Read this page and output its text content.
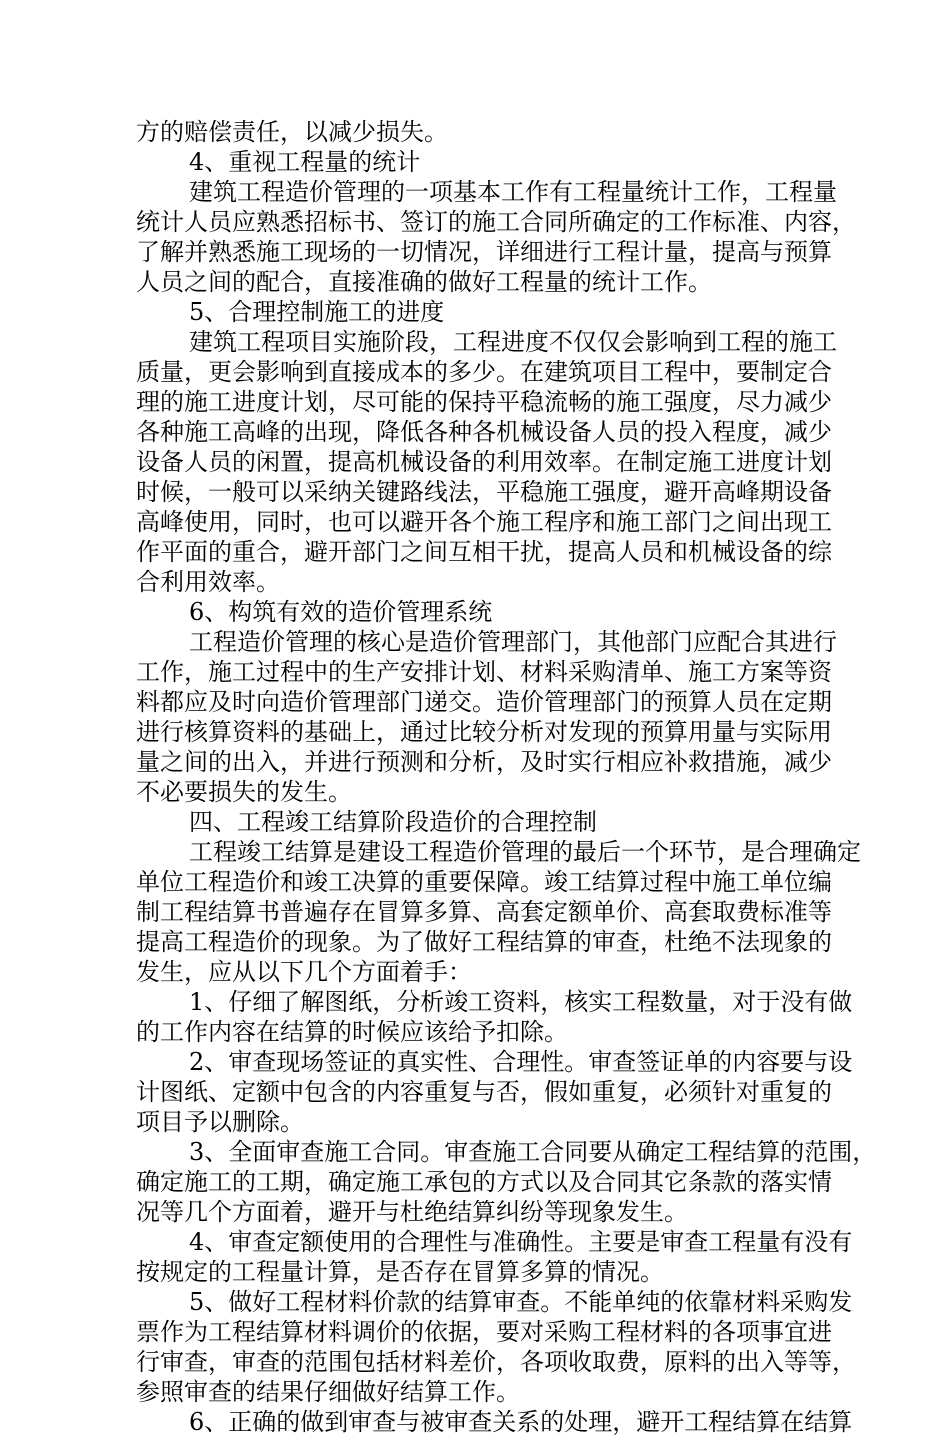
方的赔偿责任，以减少损失。
4、重视工程量的统计
建筑工程造价管理的一项基本工作有工程量统计工作，工程量
统计人员应熟悉招标书、签订的施工合同所确定的工作标准、内容，
了解并熟悉施工现场的一切情况，详细进行工程计量，提高与预算
人员之间的配合，直接准确的做好工程量的统计工作。
5、合理控制施工的进度
建筑工程项目实施阶段，工程进度不仅仅会影响到工程的施工
质量，更会影响到直接成本的多少。在建筑项目工程中，要制定合
理的施工进度计划，尽可能的保持平稳流畅的施工强度，尽力减少
各种施工高峰的出现，降低各种各机械设备人员的投入程度，减少
设备人员的闲置，提高机械设备的利用效率。在制定施工进度计划
时候，一般可以采纳关键路线法，平稳施工强度，避开高峰期设备
高峰使用，同时，也可以避开各个施工程序和施工部门之间出现工
作平面的重合，避开部门之间互相干扰，提高人员和机械设备的综
合利用效率。
6、构筑有效的造价管理系统
工程造价管理的核心是造价管理部门，其他部门应配合其进行
工作，施工过程中的生产安排计划、材料采购清单、施工方案等资
料都应及时向造价管理部门递交。造价管理部门的预算人员在定期
进行核算资料的基础上，通过比较分析对发现的预算用量与实际用
量之间的出入，并进行预测和分析，及时实行相应补救措施，减少
不必要损失的发生。
四、工程竣工结算阶段造价的合理控制
工程竣工结算是建设工程造价管理的最后一个环节，是合理确定
单位工程造价和竣工决算的重要保障。竣工结算过程中施工单位编
制工程结算书普遍存在冒算多算、高套定额单价、高套取费标准等
提高工程造价的现象。为了做好工程结算的审查，杜绝不法现象的
发生，应从以下几个方面着手：
1、仔细了解图纸，分析竣工资料，核实工程数量，对于没有做
的工作内容在结算的时候应该给予扣除。
2、审查现场签证的真实性、合理性。审查签证单的内容要与设
计图纸、定额中包含的内容重复与否，假如重复，必须针对重复的
项目予以删除。
3、全面审查施工合同。审查施工合同要从确定工程结算的范围，
确定施工的工期，确定施工承包的方式以及合同其它条款的落实情
况等几个方面着，避开与杜绝结算纠纷等现象发生。
4、审查定额使用的合理性与准确性。主要是审查工程量有没有
按规定的工程量计算，是否存在冒算多算的情况。
5、做好工程材料价款的结算审查。不能单纯的依靠材料采购发
票作为工程结算材料调价的依据，要对采购工程材料的各项事宜进
行审查，审查的范围包括材料差价，各项收取费，原料的出入等等，
参照审查的结果仔细做好结算工作。
6、正确的做到审查与被审查关系的处理，避开工程结算在结算
